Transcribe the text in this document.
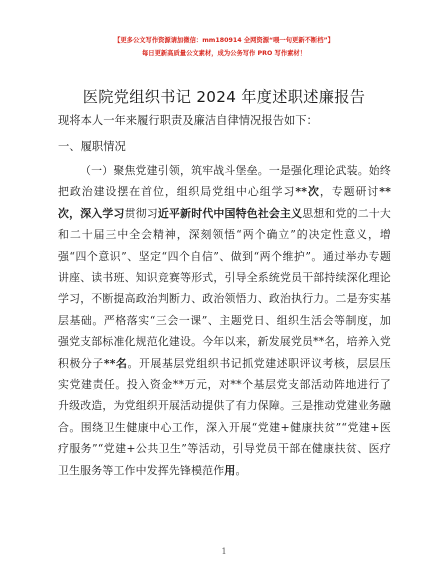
【更多公文写作资源请加微信：mm180914 全网资源“喂一句更新不断档”】
每日更新高质量公文素材，成为公务写作 PRO 写作素材！
医院党组织书记 2024 年度述职述廉报告
现将本人一年来履行职责及廉洁自律情况报告如下：
一、履职情况
（一）聚焦党建引领，筑牢战斗堡垒。一是强化理论武装。始终把政治建设摆在首位，组织局党组中心组学习**次，专题研讨**次，深入学习贯彻习近平新时代中国特色社会主义思想和党的二十大和二十届三中全会精神，深刻领悟“两个确立”的决定性意义，增强“四个意识”、坚定“四个自信”、做到“两个维护”。通过举办专题讲座、读书班、知识竞赛等形式，引导全系统党员干部持续深化理论学习，不断提高政治判断力、政治领悟力、政治执行力。二是夯实基层基础。严格落实“三会一课”、主题党日、组织生活会等制度，加强党支部标准化规范化建设。今年以来，新发展党员**名，培养入党积极分子**名。开展基层党组织书记抓党建述职评议考核，层层压实党建责任。投入资金**万元，对**个基层党支部活动阵地进行了升级改造，为党组织开展活动提供了有力保障。三是推动党建业务融合。围绕卫生健康中心工作，深入开展“党建+健康扶贫”“党建+医疗服务”“党建+公共卫生”等活动，引导党员干部在健康扶贫、医疗卫生服务等工作中发挥先锋模范作用。
1
